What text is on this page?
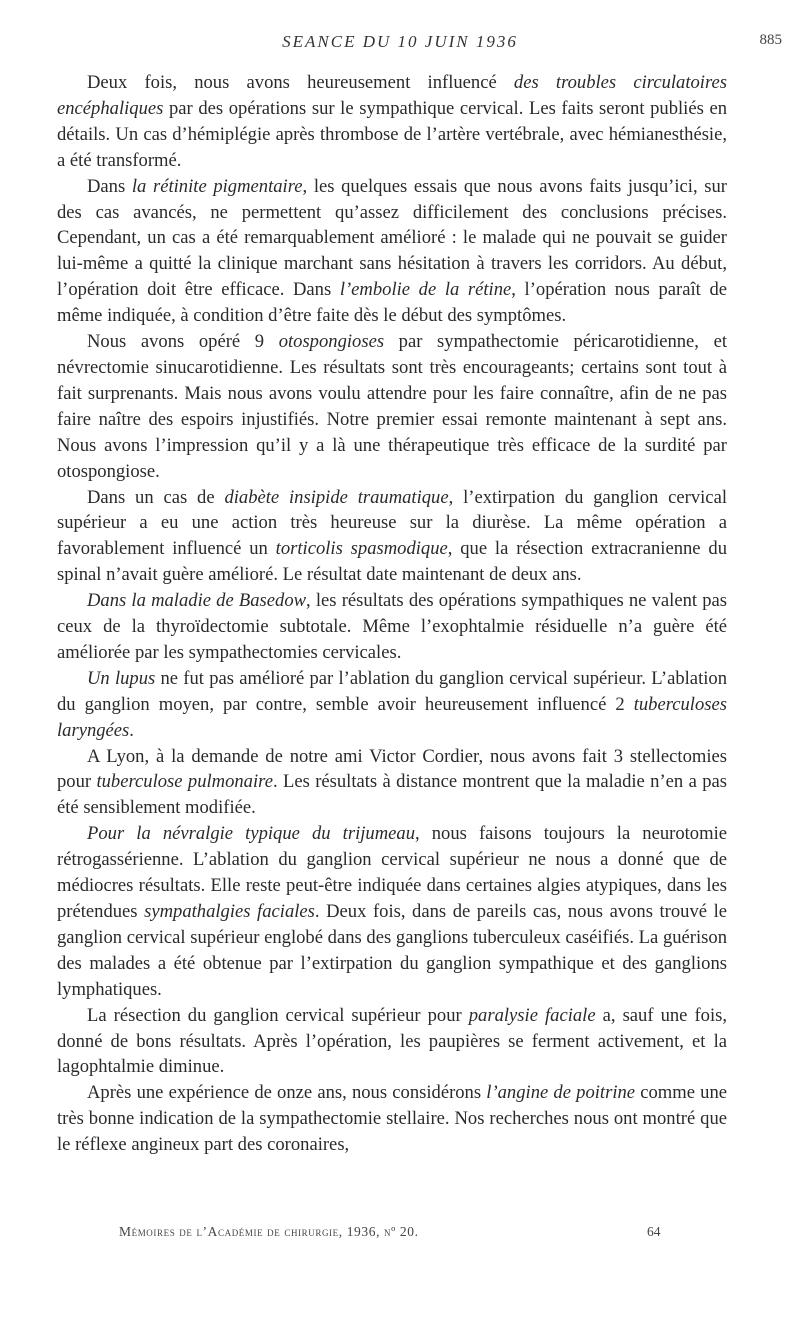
SEANCE DU 10 JUIN 1936	885

Deux fois, nous avons heureusement influencé des troubles circulatoires encéphaliques par des opérations sur le sympathique cervical. Les faits seront publiés en détails. Un cas d’hémiplégie après thrombose de l’artère vertébrale, avec hémianesthésie, a été transformé.

Dans la rétinite pigmentaire, les quelques essais que nous avons faits jusqu’ici, sur des cas avancés, ne permettent qu’assez difficilement des conclusions précises. Cependant, un cas a été remarquablement amélioré : le malade qui ne pouvait se guider lui-même a quitté la clinique marchant sans hésitation à travers les corridors. Au début, l’opération doit être efficace. Dans l’embolie de la rétine, l’opération nous paraît de même indiquée, à condition d’être faite dès le début des symptômes.

Nous avons opéré 9 otospongioses par sympathectomie péricarotidienne, et névrectomie sinucarotidienne. Les résultats sont très encourageants; certains sont tout à fait surprenants. Mais nous avons voulu attendre pour les faire connaître, afin de ne pas faire naître des espoirs injustifiés. Notre premier essai remonte maintenant à sept ans. Nous avons l’impression qu’il y a là une thérapeutique très efficace de la surdité par otospongiose.

Dans un cas de diabète insipide traumatique, l’extirpation du ganglion cervical supérieur a eu une action très heureuse sur la diurèse. La même opération a favorablement influencé un torticolis spasmodique, que la résection extracranienne du spinal n’avait guère amélioré. Le résultat date maintenant de deux ans.

Dans la maladie de Basedow, les résultats des opérations sympathiques ne valent pas ceux de la thyroïdectomie subtotale. Même l’exophtalmie résiduelle n’a guère été améliorée par les sympathectomies cervicales.

Un lupus ne fut pas amélioré par l’ablation du ganglion cervical supérieur. L’ablation du ganglion moyen, par contre, semble avoir heureusement influencé 2 tuberculoses laryngées.

A Lyon, à la demande de notre ami Victor Cordier, nous avons fait 3 stellectomies pour tuberculose pulmonaire. Les résultats à distance montrent que la maladie n’en a pas été sensiblement modifiée.

Pour la névralgie typique du trijumeau, nous faisons toujours la neurotomie rétrogassérienne. L’ablation du ganglion cervical supérieur ne nous a donné que de médiocres résultats. Elle reste peut-être indiquée dans certaines algies atypiques, dans les prétendues sympathalgies faciales. Deux fois, dans de pareils cas, nous avons trouvé le ganglion cervical supérieur englobé dans des ganglions tuberculeux caséifiés. La guérison des malades a été obtenue par l’extirpation du ganglion sympathique et des ganglions lymphatiques.

La résection du ganglion cervical supérieur pour paralysie faciale a, sauf une fois, donné de bons résultats. Après l’opération, les paupières se ferment activement, et la lagophtalmie diminue.

Après une expérience de onze ans, nous considérons l’angine de poitrine comme une très bonne indication de la sympathectomie stellaire. Nos recherches nous ont montré que le réflexe angineux part des coronaires,

Mémoires de l’Académie de chirurgie, 1936, nº 20.	64
